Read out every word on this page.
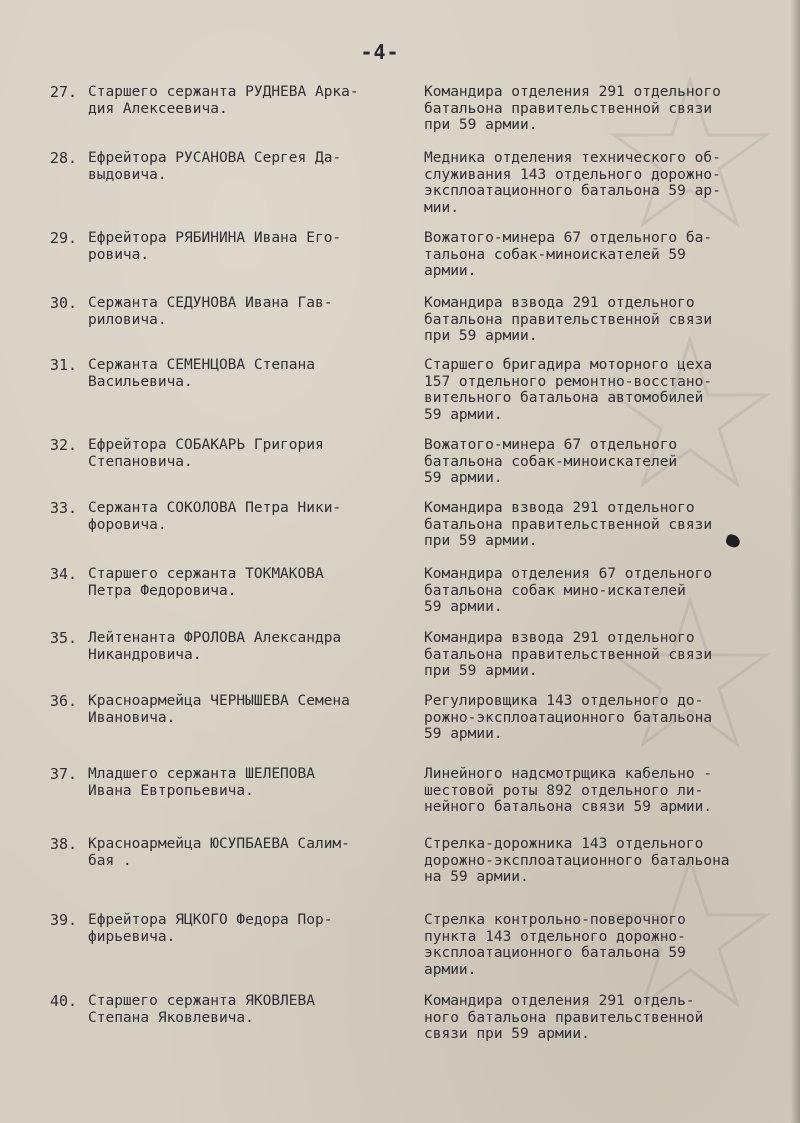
-4-
27. Старшего сержанта РУДНЕВА Арка-
дия Алексеевича.
Командира отделения 291 отдельного
батальона правительственной связи
при 59 армии.
28. Ефрейтора РУСАНОВА Сергея Да-
выдовича.
Медника отделения технического об-
служивания 143 отдельного дорожно-
эксплоатационного батальона 59 ар-
мии.
29. Ефрейтора РЯБИНИНА Ивана Его-
ровича.
Вожатого-минера 67 отдельного ба-
тальона собак-миноискателей 59
армии.
30. Сержанта СЕДУНОВА Ивана Гав-
риловича.
Командира взвода 291 отдельного
батальона правительственной связи
при 59 армии.
31. Сержанта СЕМЕНЦОВА Степана
Васильевича.
Старшего бригадира моторного цеха
157 отдельного ремонтно-восстано-
вительного батальона автомобилей
59 армии.
32. Ефрейтора СОБАКАРЬ Григория
Степановича.
Вожатого-минера 67 отдельного
батальона собак-миноискателей
59 армии.
33. Сержанта СОКОЛОВА Петра Ники-
форовича.
Командира взвода 291 отдельного
батальона правительственной связи
при 59 армии.
34. Старшего сержанта ТОКМАКОВА
Петра Федоровича.
Командира отделения 67 отдельного
батальона собак мино-искателей
59 армии.
35. Лейтенанта ФРОЛОВА Александра
Никандровича.
Командира взвода 291 отдельного
батальона правительственной связи
при 59 армии.
36. Красноармейца ЧЕРНЫШЕВА Семена
Ивановича.
Регулировщика 143 отдельного до-
рожно-эксплоатационного батальона
59 армии.
37. Младшего сержанта ШЕЛЕПОВА
Ивана Евтропьевича.
Линейного надсмотрщика кабельно -
шестовой роты 892 отдельного ли-
нейного батальона связи 59 армии.
38. Красноармейца ЮСУПБАЕВА Салим-
бая .
Стрелка-дорожника 143 отдельного
дорожно-эксплоатационного батальона
на 59 армии.
39. Ефрейтора ЯЦКОГО Федора Пор-
фирьевича.
Стрелка контрольно-поверочного
пункта 143 отдельного дорожно-
эксплоатационного батальона 59
армии.
40. Старшего сержанта ЯКОВЛЕВА
Степана Яковлевича.
Командира отделения 291 отдель-
ного батальона правительственной
связи при 59 армии.
